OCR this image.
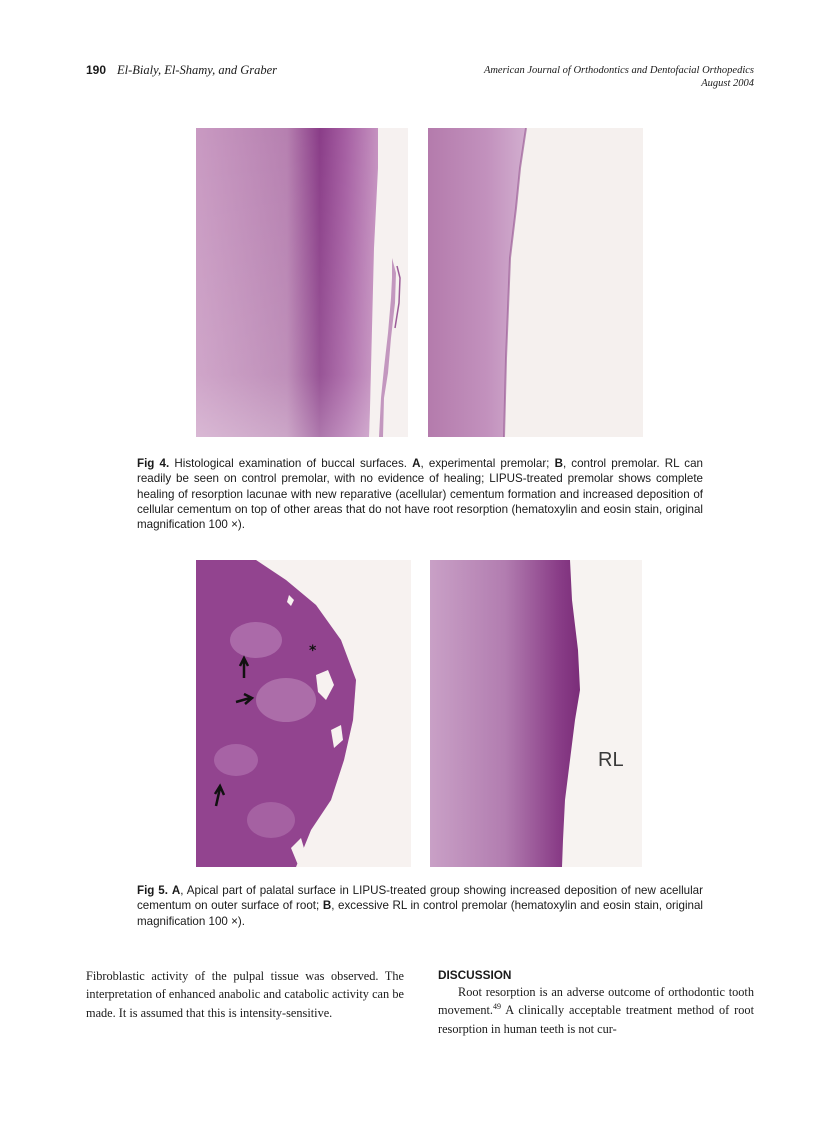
190 El-Bialy, El-Shamy, and Graber	American Journal of Orthodontics and Dentofacial Orthopedics
August 2004
Fig 4. Histological examination of buccal surfaces. A, experimental premolar; B, control premolar. RL can readily be seen on control premolar, with no evidence of healing; LIPUS-treated premolar shows complete healing of resorption lacunae with new reparative (acellular) cementum formation and increased deposition of cellular cementum on top of other areas that do not have root resorption (hematoxylin and eosin stain, original magnification 100 ×).
*
RL
Fig 5. A, Apical part of palatal surface in LIPUS-treated group showing increased deposition of new acellular cementum on outer surface of root; B, excessive RL in control premolar (hematoxylin and eosin stain, original magnification 100 ×).
Fibroblastic activity of the pulpal tissue was observed. The interpretation of enhanced anabolic and catabolic activity can be made. It is assumed that this is intensity-sensitive.
DISCUSSION
Root resorption is an adverse outcome of orthodontic tooth movement.$^{49}$ A clinically acceptable treatment method of root resorption in human teeth is not cur-
